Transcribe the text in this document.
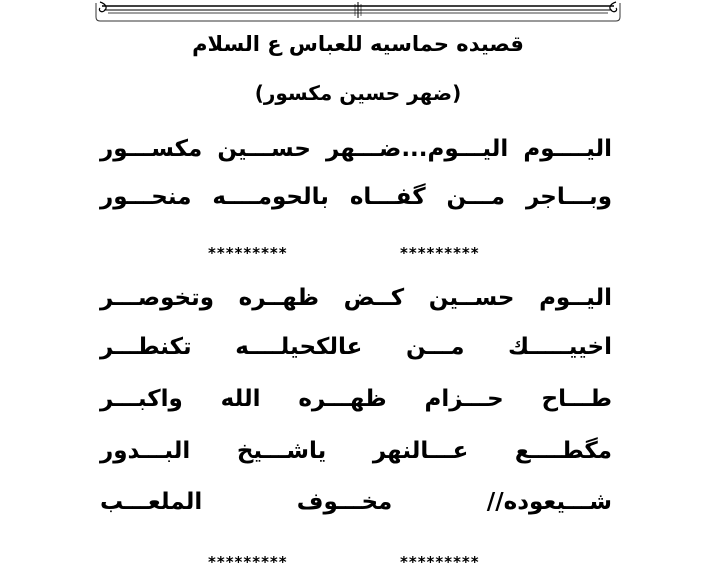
قصيده حماسيه للعباس ع السلام
(ضهر حسين مكسور)
اليــــوم اليـــوم...ضـــهر حســـين مكســـور
وبـــاجر مـــن گفـــاه بالحومــــه منحـــور
*********
*********
اليــوم حســين كــض ظهــره وتخوصـــر
اخييـــــك مـــن عالكحيلــــه تكنطـــر
طـــاح حـــزام ظهـــره الله واكبـــر
مگطــــع عـــالنهر ياشـــيخ البـــدور
شـــيعوده// مخـــوف الملعـــب
*********
*********
